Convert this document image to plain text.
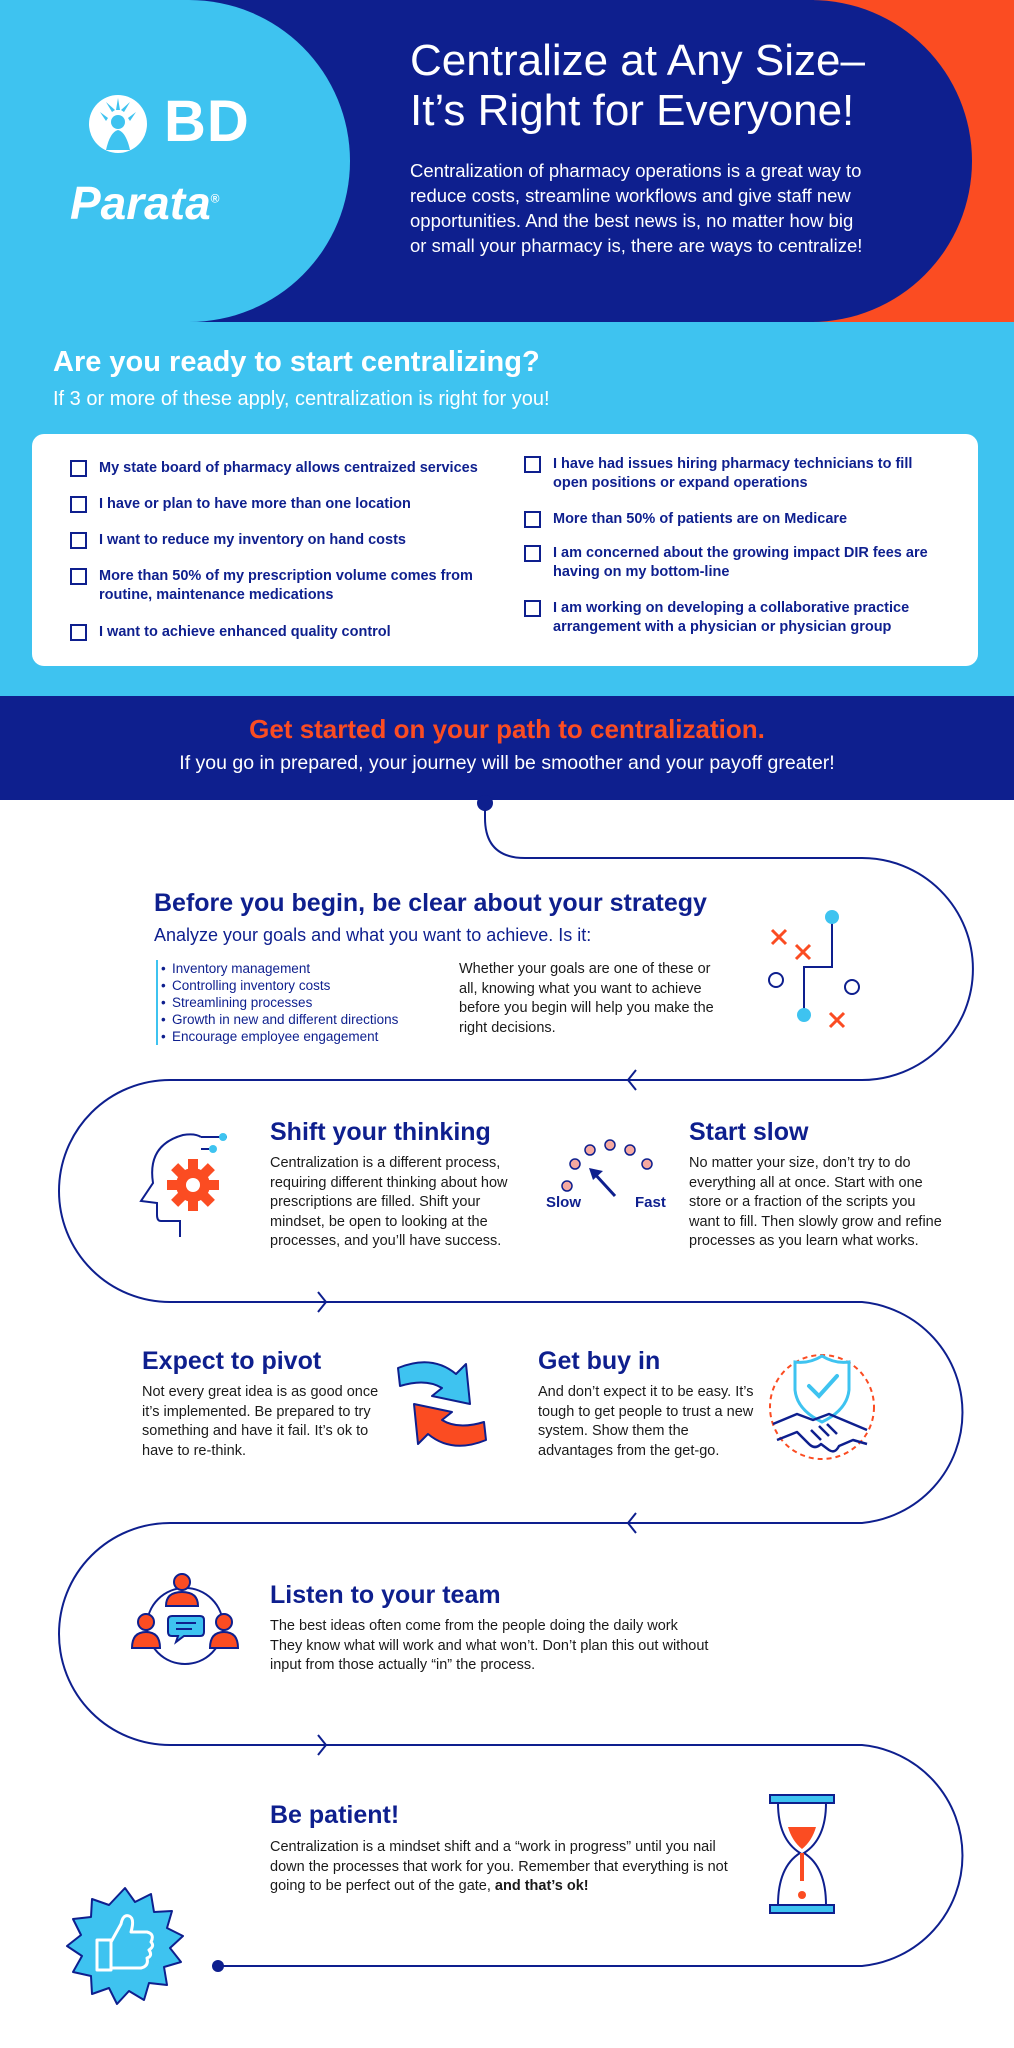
BD
Parata®
Centralize at Any Size–
It’s Right for Everyone!
Centralization of pharmacy operations is a great way to reduce costs, streamline workflows and give staff new opportunities. And the best news is, no matter how big or small your pharmacy is, there are ways to centralize!
Are you ready to start centralizing?
If 3 or more of these apply, centralization is right for you!
My state board of pharmacy allows centraized services
I have or plan to have more than one location
I want to reduce my inventory on hand costs
More than 50% of my prescription volume comes from routine, maintenance medications
I want to achieve enhanced quality control
I have had issues hiring pharmacy technicians to fill open positions or expand operations
More than 50% of patients are on Medicare
I am concerned about the growing impact DIR fees are having on my bottom-line
I am working on developing a collaborative practice arrangement with a physician or physician group
Get started on your path to centralization.
If you go in prepared, your journey will be smoother and your payoff greater!
Before you begin, be clear about your strategy
Analyze your goals and what you want to achieve. Is it:
• Inventory management
• Controlling inventory costs
• Streamlining processes
• Growth in new and different directions
• Encourage employee engagement
Whether your goals are one of these or all, knowing what you want to achieve before you begin will help you make the right decisions.
Shift your thinking
Centralization is a different process, requiring different thinking about how prescriptions are filled. Shift your mindset, be open to looking at the processes, and you’ll have success.
Slow	Fast
Start slow
No matter your size, don’t try to do everything all at once. Start with one store or a fraction of the scripts you want to fill. Then slowly grow and refine processes as you learn what works.
Expect to pivot
Not every great idea is as good once it’s implemented. Be prepared to try something and have it fail. It’s ok to have to re-think.
Get buy in
And don’t expect it to be easy. It’s tough to get people to trust a new system. Show them the advantages from the get-go.
Listen to your team
The best ideas often come from the people doing the daily work They know what will work and what won’t. Don’t plan this out without input from those actually “in” the process.
Be patient!
Centralization is a mindset shift and a “work in progress” until you nail down the processes that work for you. Remember that everything is not going to be perfect out of the gate, and that’s ok!
